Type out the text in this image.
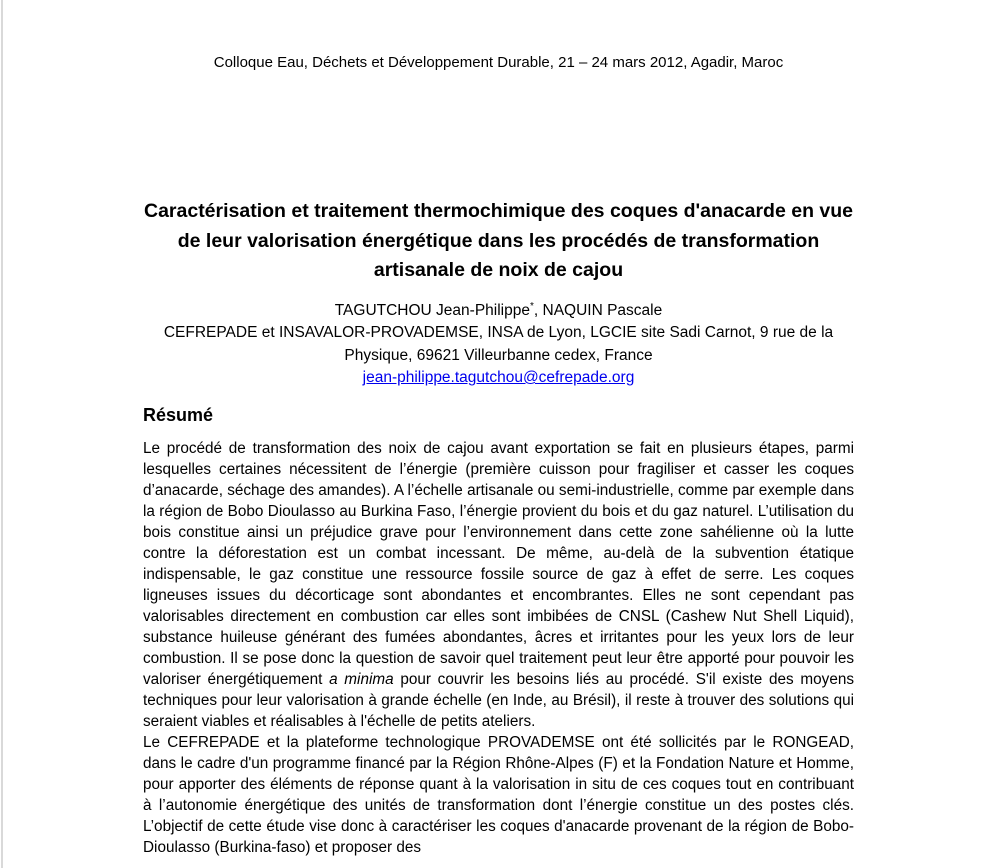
Colloque Eau, Déchets et Développement Durable, 21 – 24 mars 2012, Agadir, Maroc
Caractérisation et traitement thermochimique des coques d'anacarde en vue de leur valorisation énergétique dans les procédés de transformation artisanale de noix de cajou
TAGUTCHOU Jean-Philippe*, NAQUIN Pascale
CEFREPADE et INSAVALOR-PROVADEMSE, INSA de Lyon, LGCIE site Sadi Carnot, 9 rue de la Physique, 69621 Villeurbanne cedex, France
jean-philippe.tagutchou@cefrepade.org
Résumé

Le procédé de transformation des noix de cajou avant exportation se fait en plusieurs étapes, parmi lesquelles certaines nécessitent de l’énergie (première cuisson pour fragiliser et casser les coques d’anacarde, séchage des amandes). A l’échelle artisanale ou semi-industrielle, comme par exemple dans la région de Bobo Dioulasso au Burkina Faso, l’énergie provient du bois et du gaz naturel. L’utilisation du bois constitue ainsi un préjudice grave pour l’environnement dans cette zone sahélienne où la lutte contre la déforestation est un combat incessant. De même, au-delà de la subvention étatique indispensable, le gaz constitue une ressource fossile source de gaz à effet de serre. Les coques ligneuses issues du décorticage sont abondantes et encombrantes. Elles ne sont cependant pas valorisables directement en combustion car elles sont imbibées de CNSL (Cashew Nut Shell Liquid), substance huileuse générant des fumées abondantes, âcres et irritantes pour les yeux lors de leur combustion. Il se pose donc la question de savoir quel traitement peut leur être apporté pour pouvoir les valoriser énergétiquement a minima pour couvrir les besoins liés au procédé. S'il existe des moyens techniques pour leur valorisation à grande échelle (en Inde, au Brésil), il reste à trouver des solutions qui seraient viables et réalisables à l'échelle de petits ateliers.

Le CEFREPADE et la plateforme technologique PROVADEMSE ont été sollicités par le RONGEAD, dans le cadre d'un programme financé par la Région Rhône-Alpes (F) et la Fondation Nature et Homme, pour apporter des éléments de réponse quant à la valorisation in situ de ces coques tout en contribuant à l’autonomie énergétique des unités de transformation dont l’énergie constitue un des postes clés. L’objectif de cette étude vise donc à caractériser les coques d'anacarde provenant de la région de Bobo-Dioulasso (Burkina-faso) et proposer des
